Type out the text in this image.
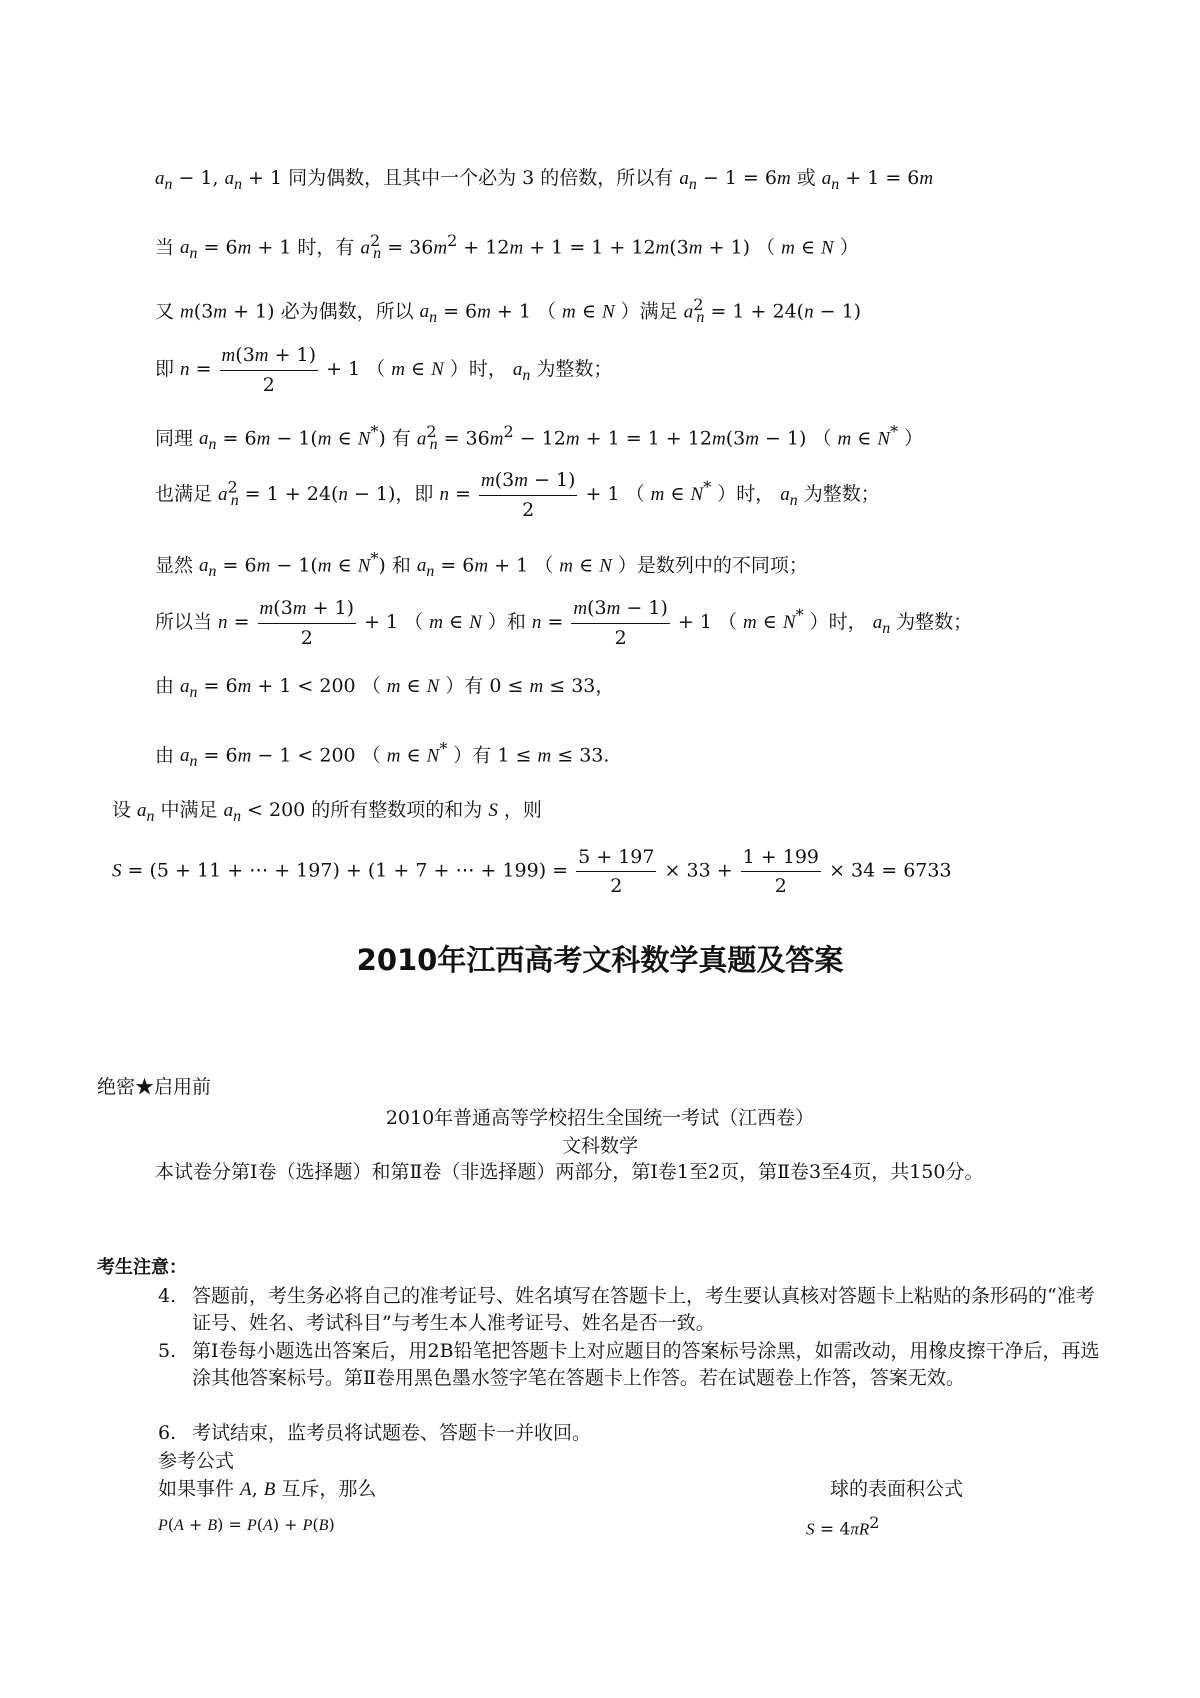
$a_n - 1$, $a_n + 1$ 同为偶数，且其中一个必为 3 的倍数，所以有 $a_n - 1 = 6m$ 或 $a_n + 1 = 6m$
当 $a_n = 6m + 1$ 时，有 $a^2_n = 36m^2 + 12m + 1 = 1 + 12m(3m + 1)$ （ m ∈ N ）
又 m(3m + 1) 必为偶数，所以 $a_n = 6m + 1$ （ m ∈ N ）满足 $a^2_n = 1 + 24(n - 1)$
即 $n = \frac{m(3m + 1)}{2} + 1$ （ m ∈ N ）时， $a_n$ 为整数；
同理 $a_n = 6m - 1(m$ ∈ N*) 有 $a^2_n = 36m^2 - 12m + 1 = 1 + 12m(3m - 1)$ （ m ∈ N* ）
也满足 $a^2_n = 1 + 24(n - 1)$，即 $n = \frac{m(3m - 1)}{2} + 1$ （ m ∈ N* ）时， $a_n$ 为整数；
显然 $a_n = 6m - 1(m$ ∈ N*) 和 $a_n = 6m + 1$ （ m ∈ N ）是数列中的不同项；
所以当 $n = \frac{m(3m + 1)}{2} + 1$ （ m ∈ N ）和 $n = \frac{m(3m - 1)}{2} + 1$ （ m ∈ N* ）时， $a_n$ 为整数；
由 $a_n = 6m + 1 < 200$ （ m ∈ N ）有 0 ≤ m ≤ 33，
由 $a_n = 6m - 1 < 200$ （ m ∈ N* ）有 1 ≤ m ≤ 33.
设 $a_n$ 中满足 $a_n < 200$ 的所有整数项的和为 S ，则
S = (5 + 11 + ⋯ + 197) + (1 + 7 + ⋯ + $199) = \frac{5 + 197}{2} \times 33 + \frac{1 + 199}{2} \times 34 = 6733$
2010年江西高考文科数学真题及答案
绝密★启用前
2010年普通高等学校招生全国统一考试（江西卷）
文科数学
本试卷分第Ⅰ卷（选择题）和第Ⅱ卷（非选择题）两部分，第Ⅰ卷1至2页，第Ⅱ卷3至4页，共150分。
考生注意：
4. 答题前，考生务必将自己的准考证号、姓名填写在答题卡上，考生要认真核对答题卡上粘贴的条形码的“准考证号、姓名、考试科目”与考生本人准考证号、姓名是否一致。
5. 第Ⅰ卷每小题选出答案后，用2B铅笔把答题卡上对应题目的答案标号涂黑，如需改动，用橡皮擦干净后，再选涂其他答案标号。第Ⅱ卷用黑色墨水签字笔在答题卡上作答。若在试题卷上作答，答案无效。
6. 考试结束，监考员将试题卷、答题卡一并收回。
参考公式
如果事件 A, B 互斥，那么
P(A + B) = P(A) + P(B)
球的表面积公式
$S = 4\pi R^2$
